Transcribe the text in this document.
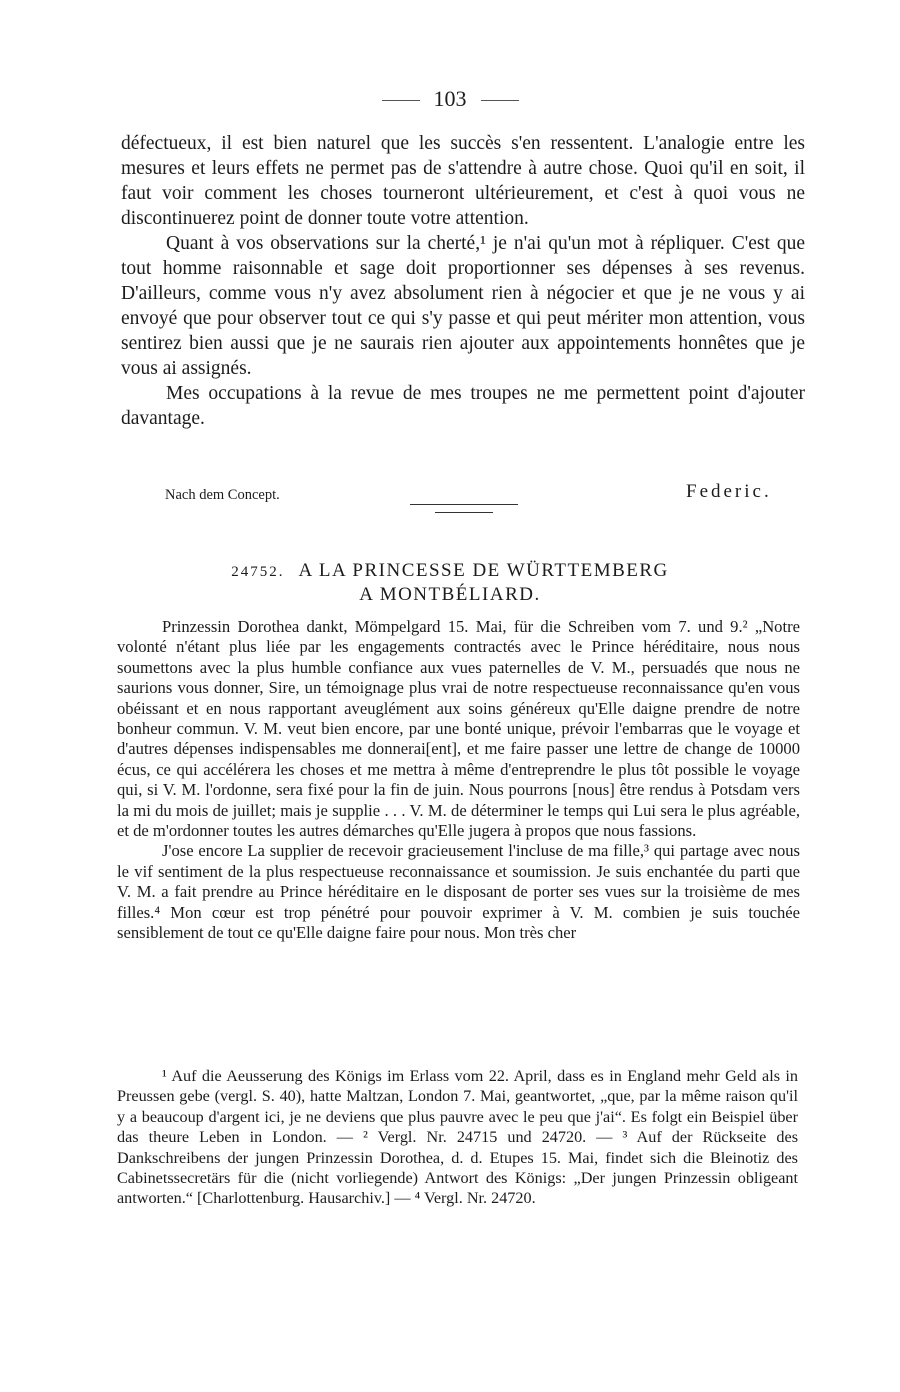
103

défectueux, il est bien naturel que les succès s'en ressentent. L'analogie entre les mesures et leurs effets ne permet pas de s'attendre à autre chose. Quoi qu'il en soit, il faut voir comment les choses tourneront ultérieurement, et c'est à quoi vous ne discontinuerez point de donner toute votre attention.

Quant à vos observations sur la cherté,¹ je n'ai qu'un mot à répliquer. C'est que tout homme raisonnable et sage doit proportionner ses dépenses à ses revenus. D'ailleurs, comme vous n'y avez absolument rien à négocier et que je ne vous y ai envoyé que pour observer tout ce qui s'y passe et qui peut mériter mon attention, vous sentirez bien aussi que je ne saurais rien ajouter aux appointements honnêtes que je vous ai assignés.

Mes occupations à la revue de mes troupes ne me permettent point d'ajouter davantage.

Nach dem Concept.	Federic.
24752. A LA PRINCESSE DE WÜRTTEMBERG
A MONTBÉLIARD.

Prinzessin Dorothea dankt, Mömpelgard 15. Mai, für die Schreiben vom 7. und 9.² „Notre volonté n'étant plus liée par les engagements contractés avec le Prince héréditaire, nous nous soumettons avec la plus humble confiance aux vues paternelles de V. M., persuadés que nous ne saurions vous donner, Sire, un témoignage plus vrai de notre respectueuse reconnaissance qu'en vous obéissant et en nous rapportant aveuglément aux soins généreux qu'Elle daigne prendre de notre bonheur commun. V. M. veut bien encore, par une bonté unique, prévoir l'embarras que le voyage et d'autres dépenses indispensables me donnerai[ent], et me faire passer une lettre de change de 10000 écus, ce qui accélérera les choses et me mettra à même d'entreprendre le plus tôt possible le voyage qui, si V. M. l'ordonne, sera fixé pour la fin de juin. Nous pourrons [nous] être rendus à Potsdam vers la mi du mois de juillet; mais je supplie . . . V. M. de déterminer le temps qui Lui sera le plus agréable, et de m'ordonner toutes les autres démarches qu'Elle jugera à propos que nous fassions.

J'ose encore La supplier de recevoir gracieusement l'incluse de ma fille,³ qui partage avec nous le vif sentiment de la plus respectueuse reconnaissance et soumission. Je suis enchantée du parti que V. M. a fait prendre au Prince héréditaire en le disposant de porter ses vues sur la troisième de mes filles.⁴ Mon cœur est trop pénétré pour pouvoir exprimer à V. M. combien je suis touchée sensiblement de tout ce qu'Elle daigne faire pour nous. Mon très cher

¹ Auf die Aeusserung des Königs im Erlass vom 22. April, dass es in England mehr Geld als in Preussen gebe (vergl. S. 40), hatte Maltzan, London 7. Mai, geantwortet, „que, par la même raison qu'il y a beaucoup d'argent ici, je ne deviens que plus pauvre avec le peu que j'ai“. Es folgt ein Beispiel über das theure Leben in London. — ² Vergl. Nr. 24715 und 24720. — ³ Auf der Rückseite des Dankschreibens der jungen Prinzessin Dorothea, d. d. Etupes 15. Mai, findet sich die Bleinotiz des Cabinetssecretärs für die (nicht vorliegende) Antwort des Königs: „Der jungen Prinzessin obligeant antworten.“ [Charlottenburg. Hausarchiv.] — ⁴ Vergl. Nr. 24720.
